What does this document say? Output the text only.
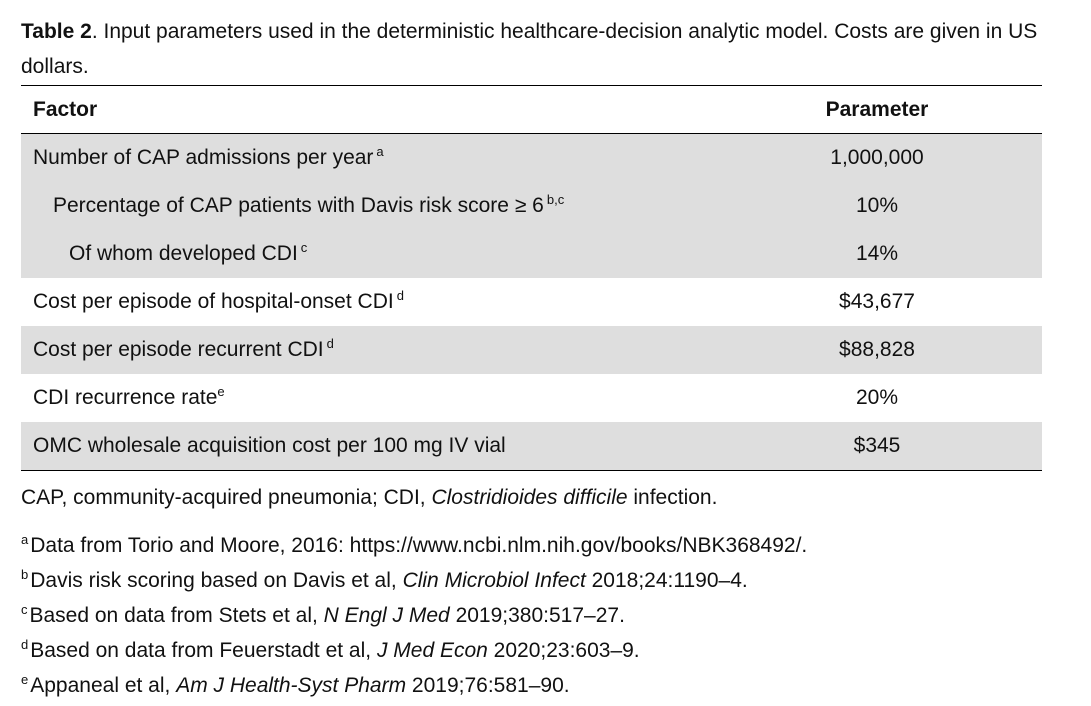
Table 2. Input parameters used in the deterministic healthcare-decision analytic model. Costs are given in US dollars.
Factor	Parameter
Number of CAP admissions per year $^a$	1,000,000
Percentage of CAP patients with Davis risk score ≥ 6 $^{b,c}$	10%
Of whom developed CDI $^c$	14%
Cost per episode of hospital-onset CDI $^d$	$43,677
Cost per episode recurrent CDI $^d$	$88,828
CDI recurrence rate$^e$	20%
OMC wholesale acquisition cost per 100 mg IV vial	$345
CAP, community-acquired pneumonia; CDI, Clostridioides difficile infection.
$^a$Data from Torio and Moore, 2016: https://www.ncbi.nlm.nih.gov/books/NBK368492/.
$^b$Davis risk scoring based on Davis et al, Clin Microbiol Infect 2018;24:1190–4.
$^c$Based on data from Stets et al, N Engl J Med 2019;380:517–27.
$^d$Based on data from Feuerstadt et al, J Med Econ 2020;23:603–9.
$^e$Appaneal et al, Am J Health-Syst Pharm 2019;76:581–90.
